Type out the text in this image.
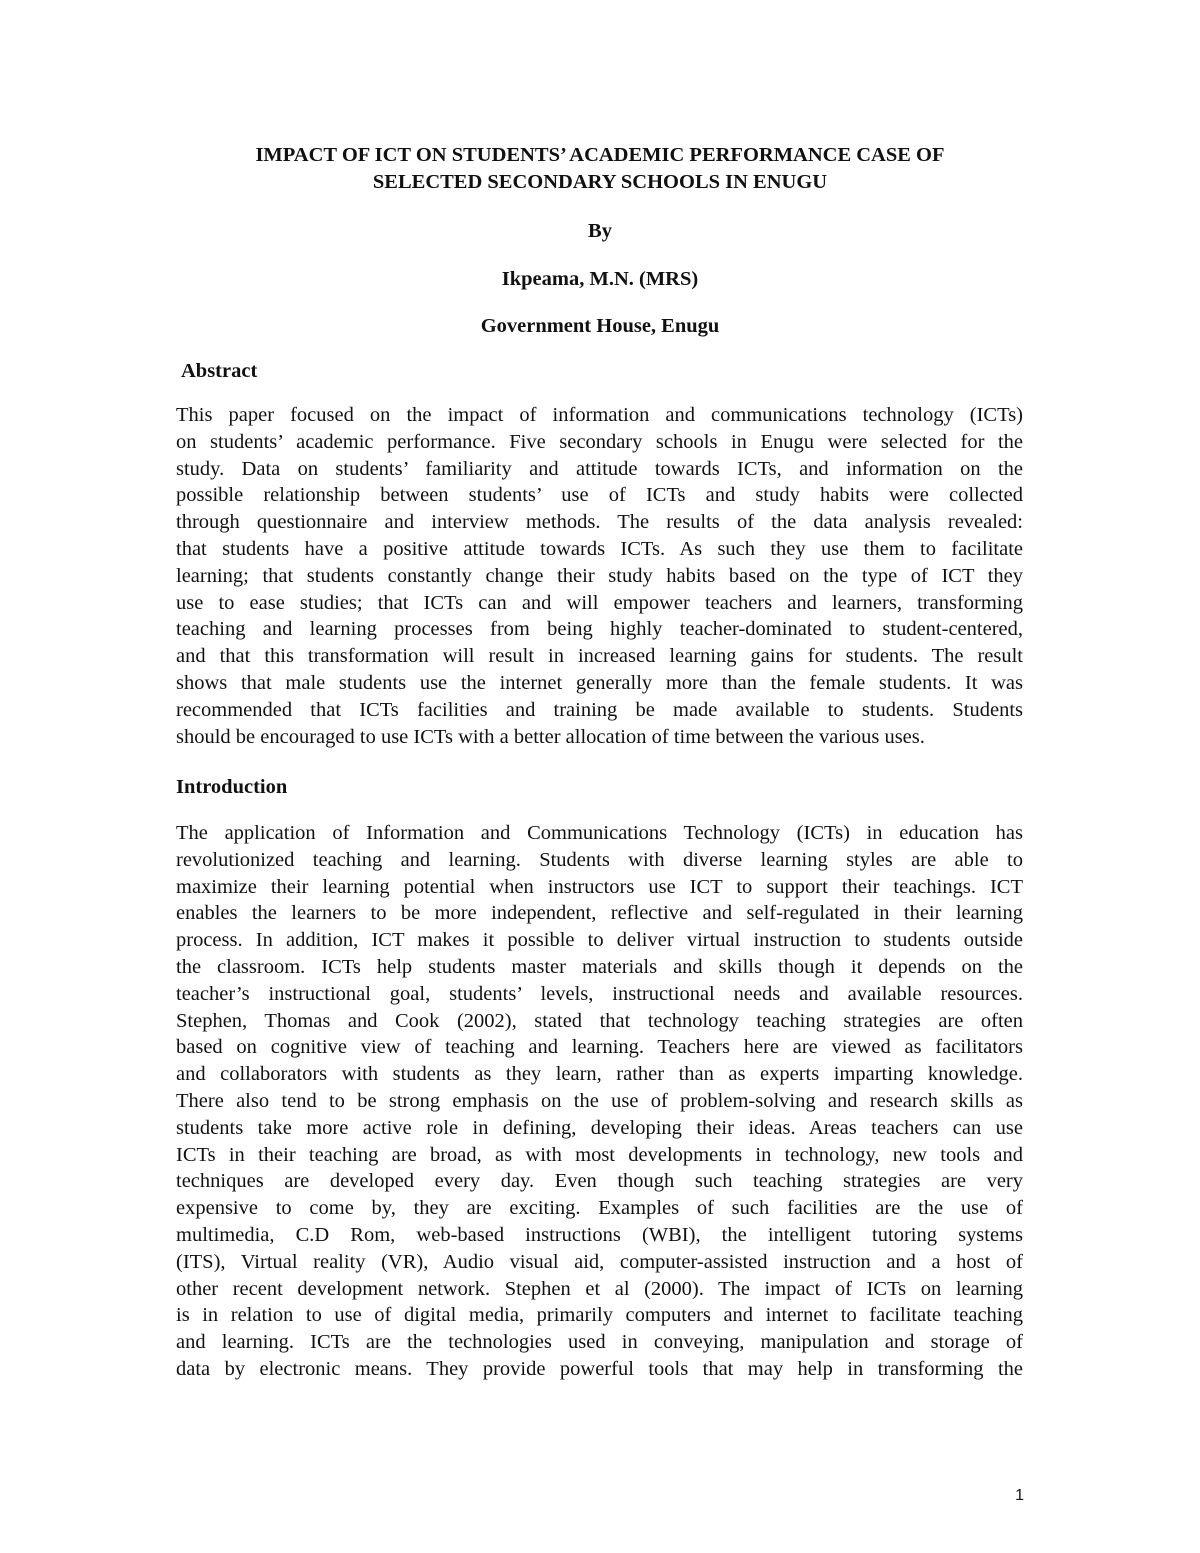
IMPACT OF ICT ON STUDENTS’ ACADEMIC PERFORMANCE CASE OF
SELECTED SECONDARY SCHOOLS IN ENUGU

By

Ikpeama, M.N. (MRS)

Government House, Enugu

Abstract
This paper focused on the impact of information and communications technology (ICTs)
on students’ academic performance. Five secondary schools in Enugu were selected for the
study. Data on students’ familiarity and attitude towards ICTs, and information on the
possible relationship between students’ use of ICTs and study habits were collected
through questionnaire and interview methods. The results of the data analysis revealed:
that students have a positive attitude towards ICTs. As such they use them to facilitate
learning; that students constantly change their study habits based on the type of ICT they
use to ease studies; that ICTs can and will empower teachers and learners, transforming
teaching and learning processes from being highly teacher-dominated to student-centered,
and that this transformation will result in increased learning gains for students. The result
shows that male students use the internet generally more than the female students. It was
recommended that ICTs facilities and training be made available to students. Students
should be encouraged to use ICTs with a better allocation of time between the various uses.
Introduction
The application of Information and Communications Technology (ICTs) in education has
revolutionized teaching and learning. Students with diverse learning styles are able to
maximize their learning potential when instructors use ICT to support their teachings. ICT
enables the learners to be more independent, reflective and self-regulated in their learning
process. In addition, ICT makes it possible to deliver virtual instruction to students outside
the classroom. ICTs help students master materials and skills though it depends on the
teacher’s instructional goal, students’ levels, instructional needs and available resources.
Stephen, Thomas and Cook (2002), stated that technology teaching strategies are often
based on cognitive view of teaching and learning. Teachers here are viewed as facilitators
and collaborators with students as they learn, rather than as experts imparting knowledge.
There also tend to be strong emphasis on the use of problem-solving and research skills as
students take more active role in defining, developing their ideas. Areas teachers can use
ICTs in their teaching are broad, as with most developments in technology, new tools and
techniques are developed every day. Even though such teaching strategies are very
expensive to come by, they are exciting. Examples of such facilities are the use of
multimedia, C.D Rom, web-based instructions (WBI), the intelligent tutoring systems
(ITS), Virtual reality (VR), Audio visual aid, computer-assisted instruction and a host of
other recent development network. Stephen et al (2000). The impact of ICTs on learning
is in relation to use of digital media, primarily computers and internet to facilitate teaching
and learning. ICTs are the technologies used in conveying, manipulation and storage of
data by electronic means. They provide powerful tools that may help in transforming the
1
